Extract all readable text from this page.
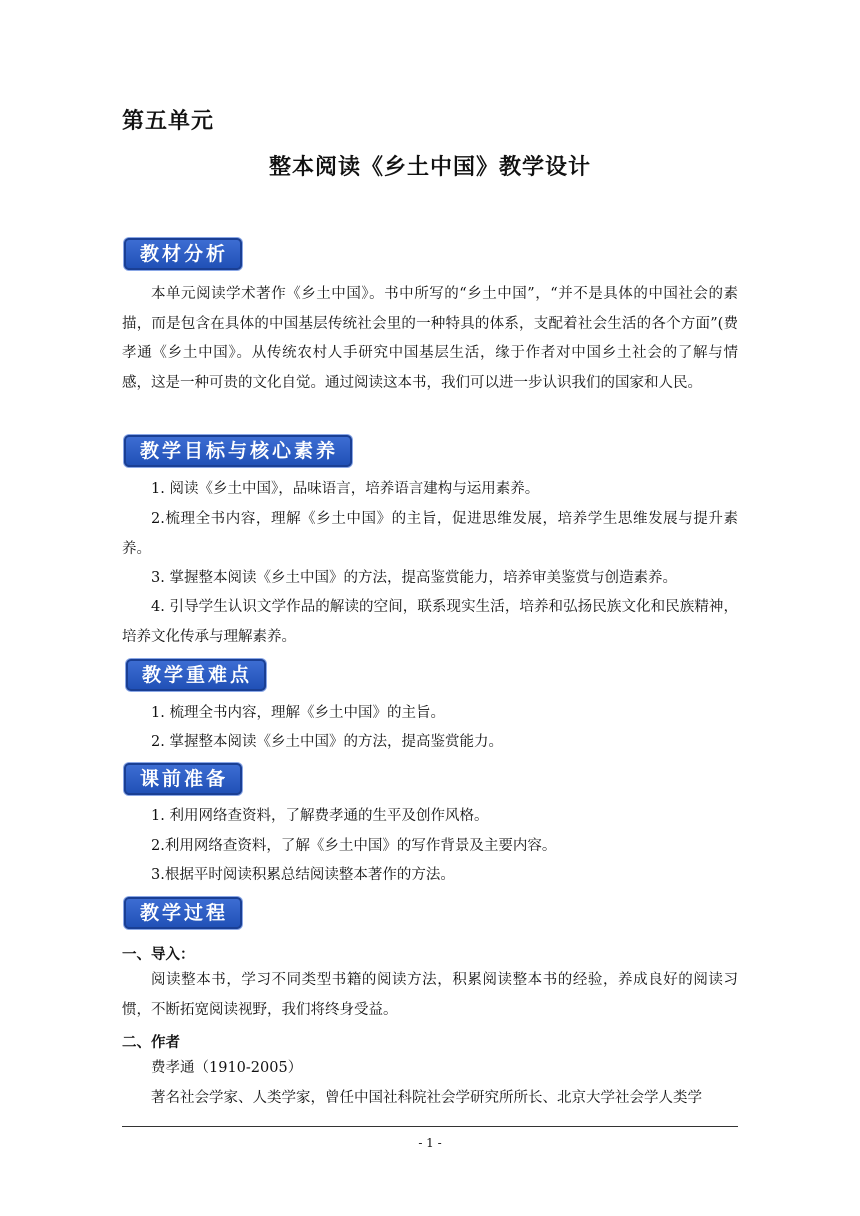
第五单元
整本阅读《乡土中国》教学设计
教材分析

本单元阅读学术著作《乡土中国》。书中所写的“乡土中国”，“并不是具体的中国社会的素描，而是包含在具体的中国基层传统社会里的一种特具的体系，支配着社会生活的各个方面”(费孝通《乡土中国》。从传统农村人手研究中国基层生活，缘于作者对中国乡土社会的了解与情感，这是一种可贵的文化自觉。通过阅读这本书，我们可以进一步认识我们的国家和人民。

教学目标与核心素养

1. 阅读《乡土中国》，品味语言，培养语言建构与运用素养。

2.梳理全书内容，理解《乡土中国》的主旨，促进思维发展，培养学生思维发展与提升素养。

3. 掌握整本阅读《乡土中国》的方法，提高鉴赏能力，培养审美鉴赏与创造素养。

4. 引导学生认识文学作品的解读的空间，联系现实生活，培养和弘扬民族文化和民族精神，培养文化传承与理解素养。

教学重难点

1. 梳理全书内容，理解《乡土中国》的主旨。

2. 掌握整本阅读《乡土中国》的方法，提高鉴赏能力。

课前准备

1. 利用网络查资料，了解费孝通的生平及创作风格。

2.利用网络查资料，了解《乡土中国》的写作背景及主要内容。

3.根据平时阅读积累总结阅读整本著作的方法。

教学过程
一、导入：

阅读整本书，学习不同类型书籍的阅读方法，积累阅读整本书的经验，养成良好的阅读习惯，不断拓宽阅读视野，我们将终身受益。

二、作者

费孝通（1910-2005）

著名社会学家、人类学家，曾任中国社科院社会学研究所所长、北京大学社会学人类学

- 1 -
